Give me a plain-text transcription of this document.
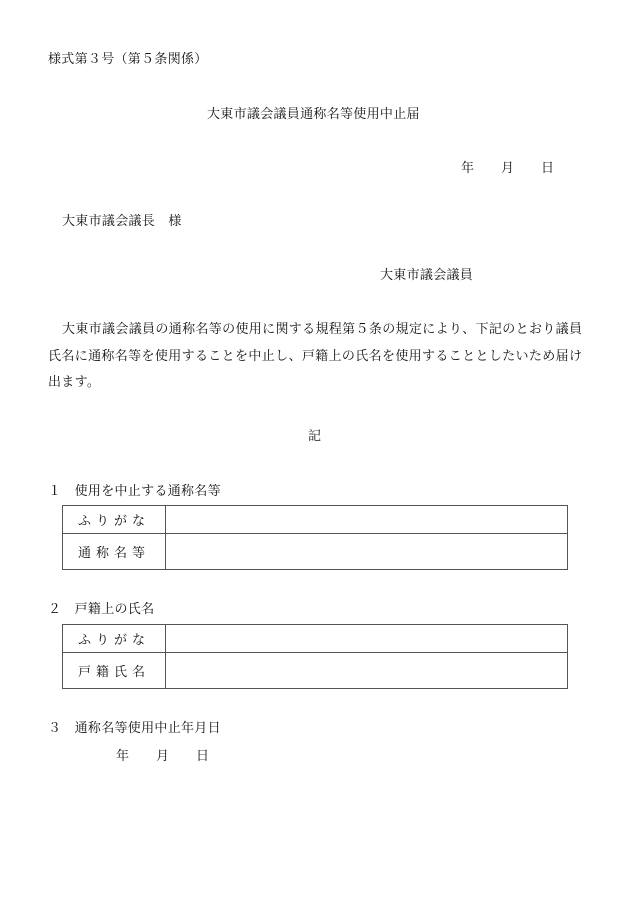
様式第３号（第５条関係）
大東市議会議員通称名等使用中止届
年 月 日
大東市議会議長　様
大東市議会議員
大東市議会議員の通称名等の使用に関する規程第５条の規定により、下記のとおり議員
氏名に通称名等を使用することを中止し、戸籍上の氏名を使用することとしたいため届け
出ます。
記
１　使用を中止する通称名等
ふりがな	
通称名等	
２　戸籍上の氏名
ふりがな	
戸籍氏名	
３　通称名等使用中止年月日
年 月 日
